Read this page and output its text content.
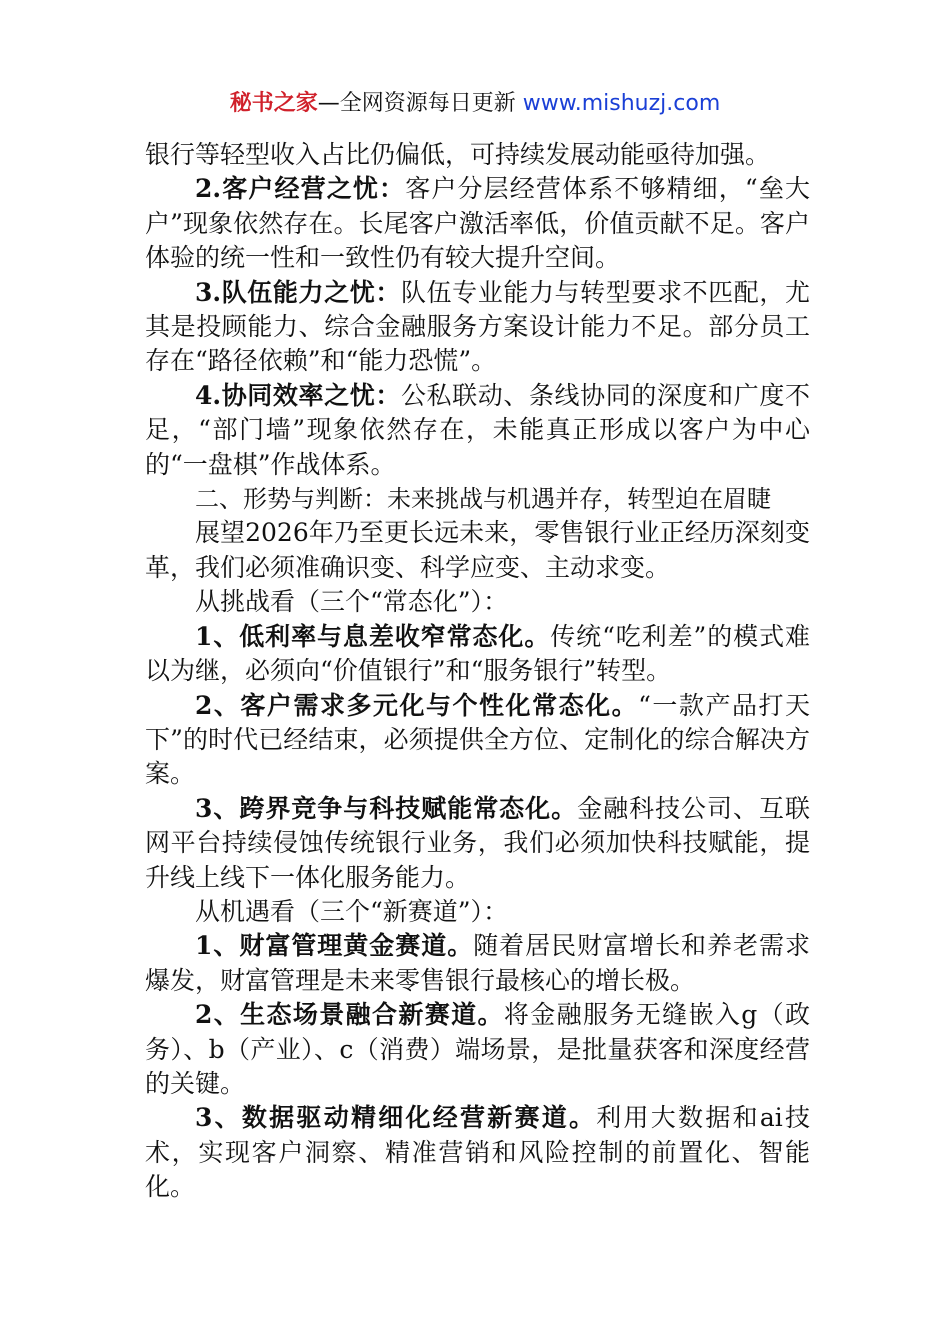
秘书之家—全网资源每日更新 www.mishuzj.com

银行等轻型收入占比仍偏低，可持续发展动能亟待加强。

2.客户经营之忧：客户分层经营体系不够精细，“垒大户”现象依然存在。长尾客户激活率低，价值贡献不足。客户体验的统一性和一致性仍有较大提升空间。

3.队伍能力之忧：队伍专业能力与转型要求不匹配，尤其是投顾能力、综合金融服务方案设计能力不足。部分员工存在“路径依赖”和“能力恐慌”。

4.协同效率之忧：公私联动、条线协同的深度和广度不足，“部门墙”现象依然存在，未能真正形成以客户为中心的“一盘棋”作战体系。

二、形势与判断：未来挑战与机遇并存，转型迫在眉睫

展望2026年乃至更长远未来，零售银行业正经历深刻变革，我们必须准确识变、科学应变、主动求变。

从挑战看（三个“常态化”）：

1、低利率与息差收窄常态化。传统“吃利差”的模式难以为继，必须向“价值银行”和“服务银行”转型。

2、客户需求多元化与个性化常态化。“一款产品打天下”的时代已经结束，必须提供全方位、定制化的综合解决方案。

3、跨界竞争与科技赋能常态化。金融科技公司、互联网平台持续侵蚀传统银行业务，我们必须加快科技赋能，提升线上线下一体化服务能力。

从机遇看（三个“新赛道”）：

1、财富管理黄金赛道。随着居民财富增长和养老需求爆发，财富管理是未来零售银行最核心的增长极。

2、生态场景融合新赛道。将金融服务无缝嵌入g（政务）、b（产业）、c（消费）端场景，是批量获客和深度经营的关键。

3、数据驱动精细化经营新赛道。利用大数据和ai技术，实现客户洞察、精准营销和风险控制的前置化、智能化。
